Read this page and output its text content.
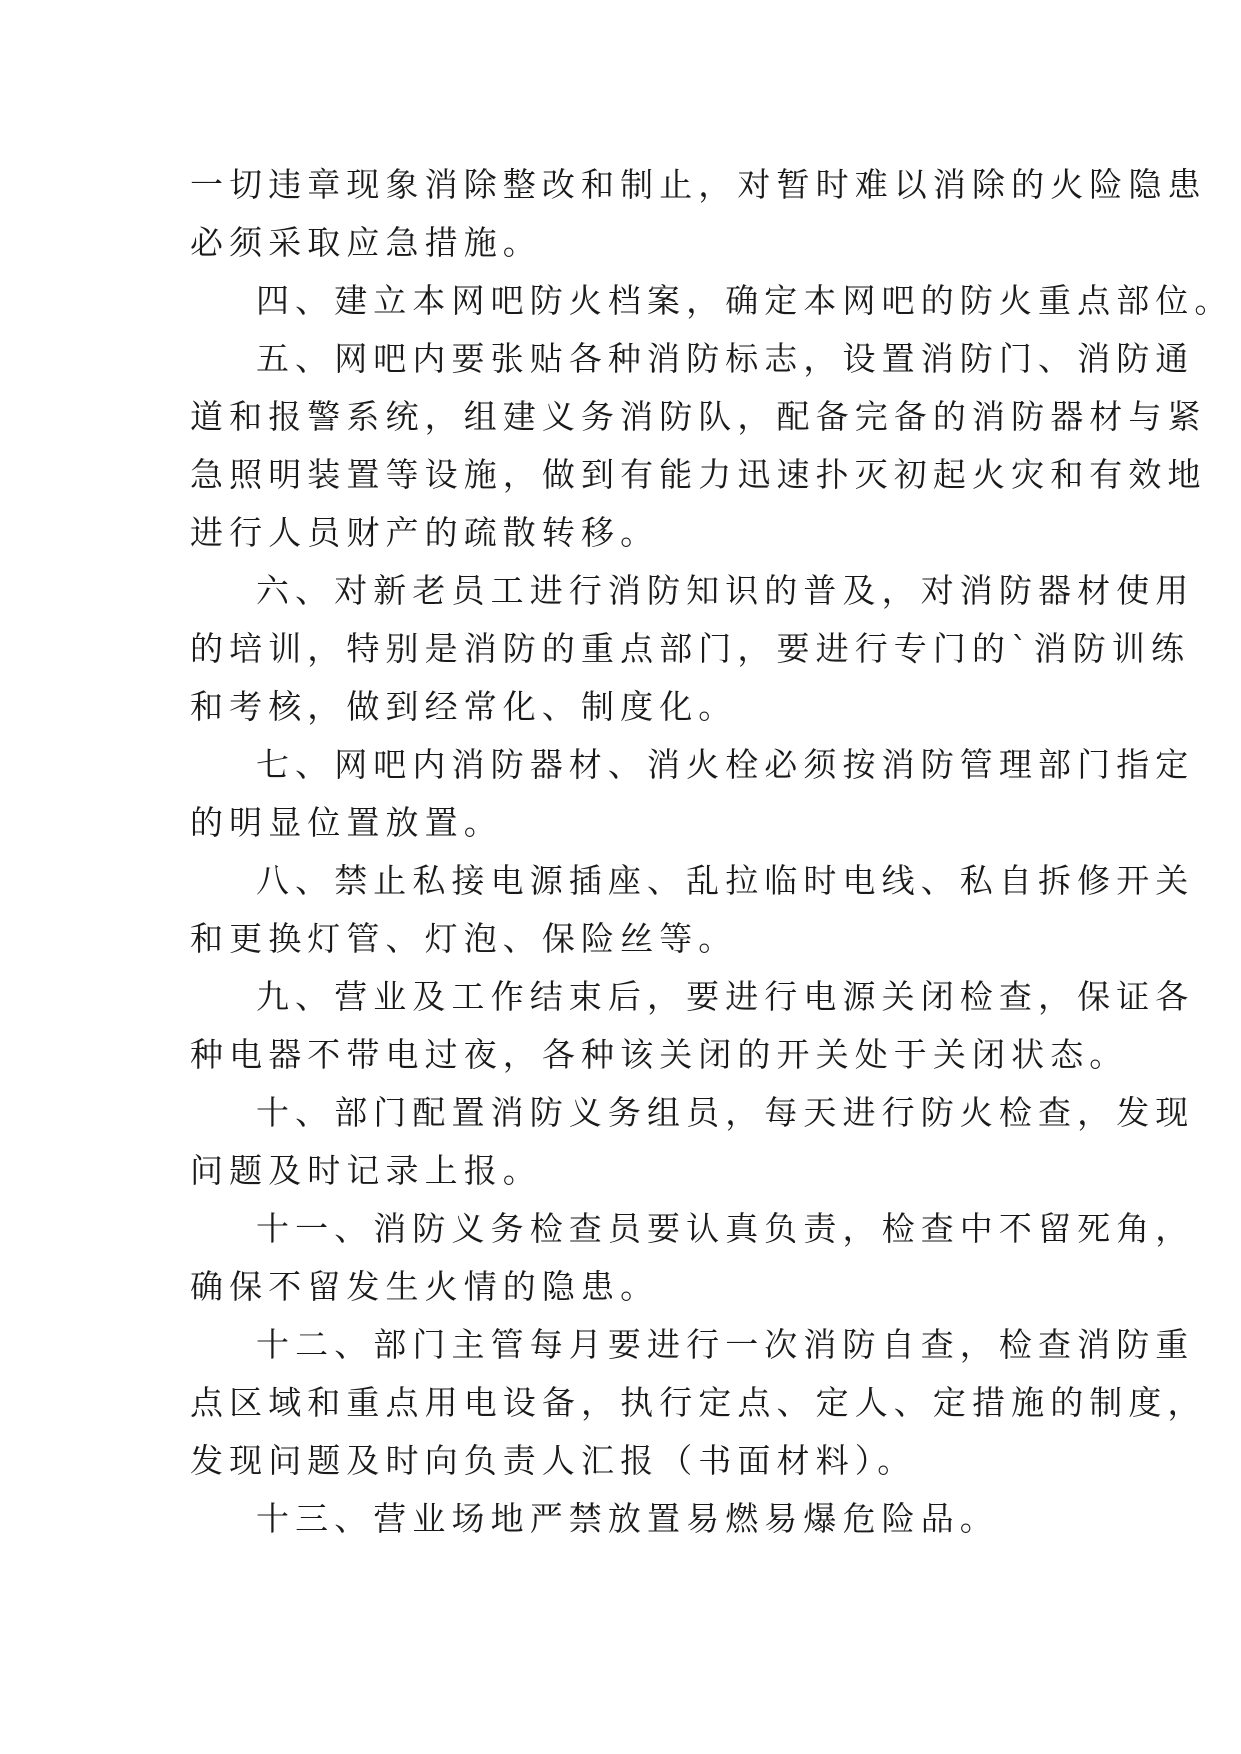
一切违章现象消除整改和制止，对暂时难以消除的火险隐患
必须采取应急措施。
四、建立本网吧防火档案，确定本网吧的防火重点部位。
五、网吧内要张贴各种消防标志，设置消防门、消防通
道和报警系统，组建义务消防队，配备完备的消防器材与紧
急照明装置等设施，做到有能力迅速扑灭初起火灾和有效地
进行人员财产的疏散转移。
六、对新老员工进行消防知识的普及，对消防器材使用
的培训，特别是消防的重点部门，要进行专门的`消防训练
和考核，做到经常化、制度化。
七、网吧内消防器材、消火栓必须按消防管理部门指定
的明显位置放置。
八、禁止私接电源插座、乱拉临时电线、私自拆修开关
和更换灯管、灯泡、保险丝等。
九、营业及工作结束后，要进行电源关闭检查，保证各
种电器不带电过夜，各种该关闭的开关处于关闭状态。
十、部门配置消防义务组员，每天进行防火检查，发现
问题及时记录上报。
十一、消防义务检查员要认真负责，检查中不留死角，
确保不留发生火情的隐患。
十二、部门主管每月要进行一次消防自查，检查消防重
点区域和重点用电设备，执行定点、定人、定措施的制度，
发现问题及时向负责人汇报（书面材料）。
十三、营业场地严禁放置易燃易爆危险品。
